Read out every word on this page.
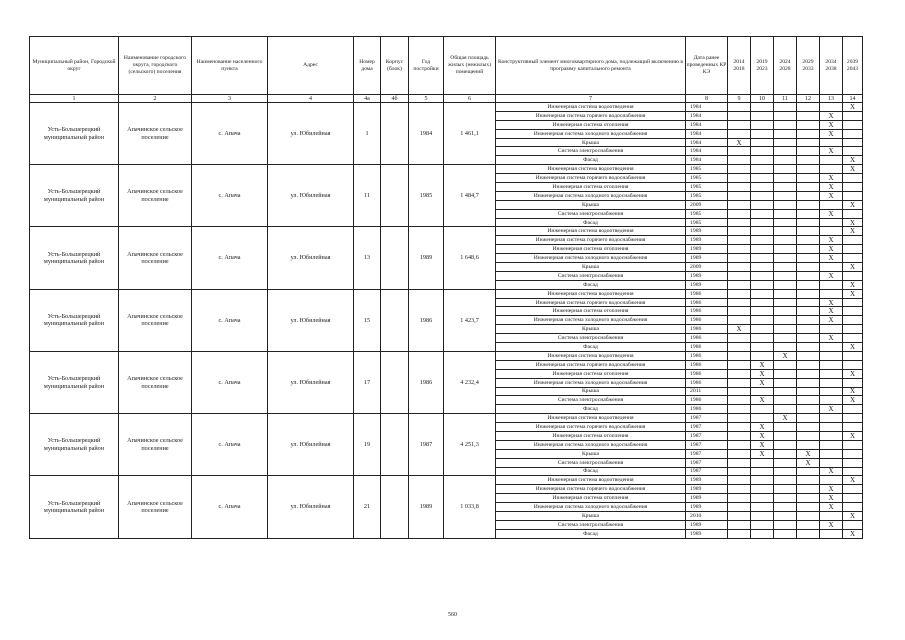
Муниципальный район, Городской округ	Наименование городского округа, городского (сельского) поселения	Наименование населенного пункта	Адрес	Номер дома	Корпус (блок)	Год постройки	Общая площадь жилых (нежилых) помещений	Конструктивный элемент многоквартирного дома, подлежащий включению в программу капитального ремонта	Дата ранее проведенных КР КЭ	2014 2018	2019 2023	2024 2028	2029 2033	2034 2038	2039 2043
1	2	3	4	4а	4б	5	6	7	8	9	10	11	12	13	14
Усть-Большерецкий муниципальный район	Апачинское сельское поселение	с. Апача	ул. Юбилейная	1		1984	1 461,1	Инженерная система водоотведения	1984						X
								Инженерная система горячего водоснабжения	1984					X	
								Инженерная система отопления	1984					X	
								Инженерная система холодного водоснабжения	1984					X	
								Крыша	1984	X					
								Система электроснабжения	1984					X	
								Фасад	1984						X
Усть-Большерецкий муниципальный район	Апачинское сельское поселение	с. Апача	ул. Юбилейная	11		1985	1 484,7	Инженерная система водоотведения	1985						X
								Инженерная система горячего водоснабжения	1985					X	
								Инженерная система отопления	1985					X	
								Инженерная система холодного водоснабжения	1985					X	
								Крыша	2009						X
								Система электроснабжения	1985					X	
								Фасад	1985						X
Усть-Большерецкий муниципальный район	Апачинское сельское поселение	с. Апача	ул. Юбилейная	13		1989	1 648,6	Инженерная система водоотведения	1989						X
								Инженерная система горячего водоснабжения	1989					X	
								Инженерная система отопления	1989					X	
								Инженерная система холодного водоснабжения	1989					X	
								Крыша	2009						X
								Система электроснабжения	1989					X	
								Фасад	1989						X
Усть-Большерецкий муниципальный район	Апачинское сельское поселение	с. Апача	ул. Юбилейная	15		1986	1 423,7	Инженерная система водоотведения	1986						X
								Инженерная система горячего водоснабжения	1986					X	
								Инженерная система отопления	1986					X	
								Инженерная система холодного водоснабжения	1986					X	
								Крыша	1986	X					
								Система электроснабжения	1986					X	
								Фасад	1986						X
Усть-Большерецкий муниципальный район	Апачинское сельское поселение	с. Апача	ул. Юбилейная	17		1986	4 232,4	Инженерная система водоотведения	1986			X			
								Инженерная система горячего водоснабжения	1986		X				
								Инженерная система отопления	1986		X				X
								Инженерная система холодного водоснабжения	1986		X				
								Крыша	2011						X
								Система электроснабжения	1986		X				X
								Фасад	1986					X	
Усть-Большерецкий муниципальный район	Апачинское сельское поселение	с. Апача	ул. Юбилейная	19		1987	4 251,3	Инженерная система водоотведения	1987			X			
								Инженерная система горячего водоснабжения	1987		X				
								Инженерная система отопления	1987		X				X
								Инженерная система холодного водоснабжения	1987		X				
								Крыша	1987		X		X		
								Система электроснабжения	1987				X		
								Фасад	1987					X	
Усть-Большерецкий муниципальный район	Апачинское сельское поселение	с. Апача	ул. Юбилейная	21		1989	1 033,8	Инженерная система водоотведения	1989						X
								Инженерная система горячего водоснабжения	1989					X	
								Инженерная система отопления	1989					X	
								Инженерная система холодного водоснабжения	1989					X	
								Крыша	2010						X
								Система электроснабжения	1989					X	
								Фасад	1989						X
560
